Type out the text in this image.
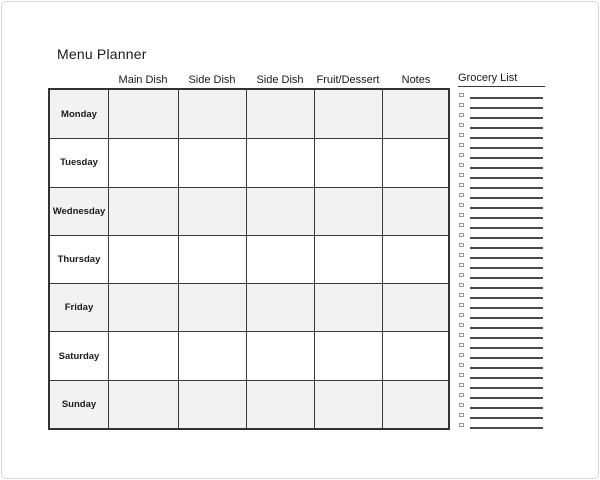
Menu Planner
Main Dish	Side Dish	Side Dish	Fruit/Dessert	Notes
Monday
Tuesday
Wednesday
Thursday
Friday
Saturday
Sunday
Grocery List
